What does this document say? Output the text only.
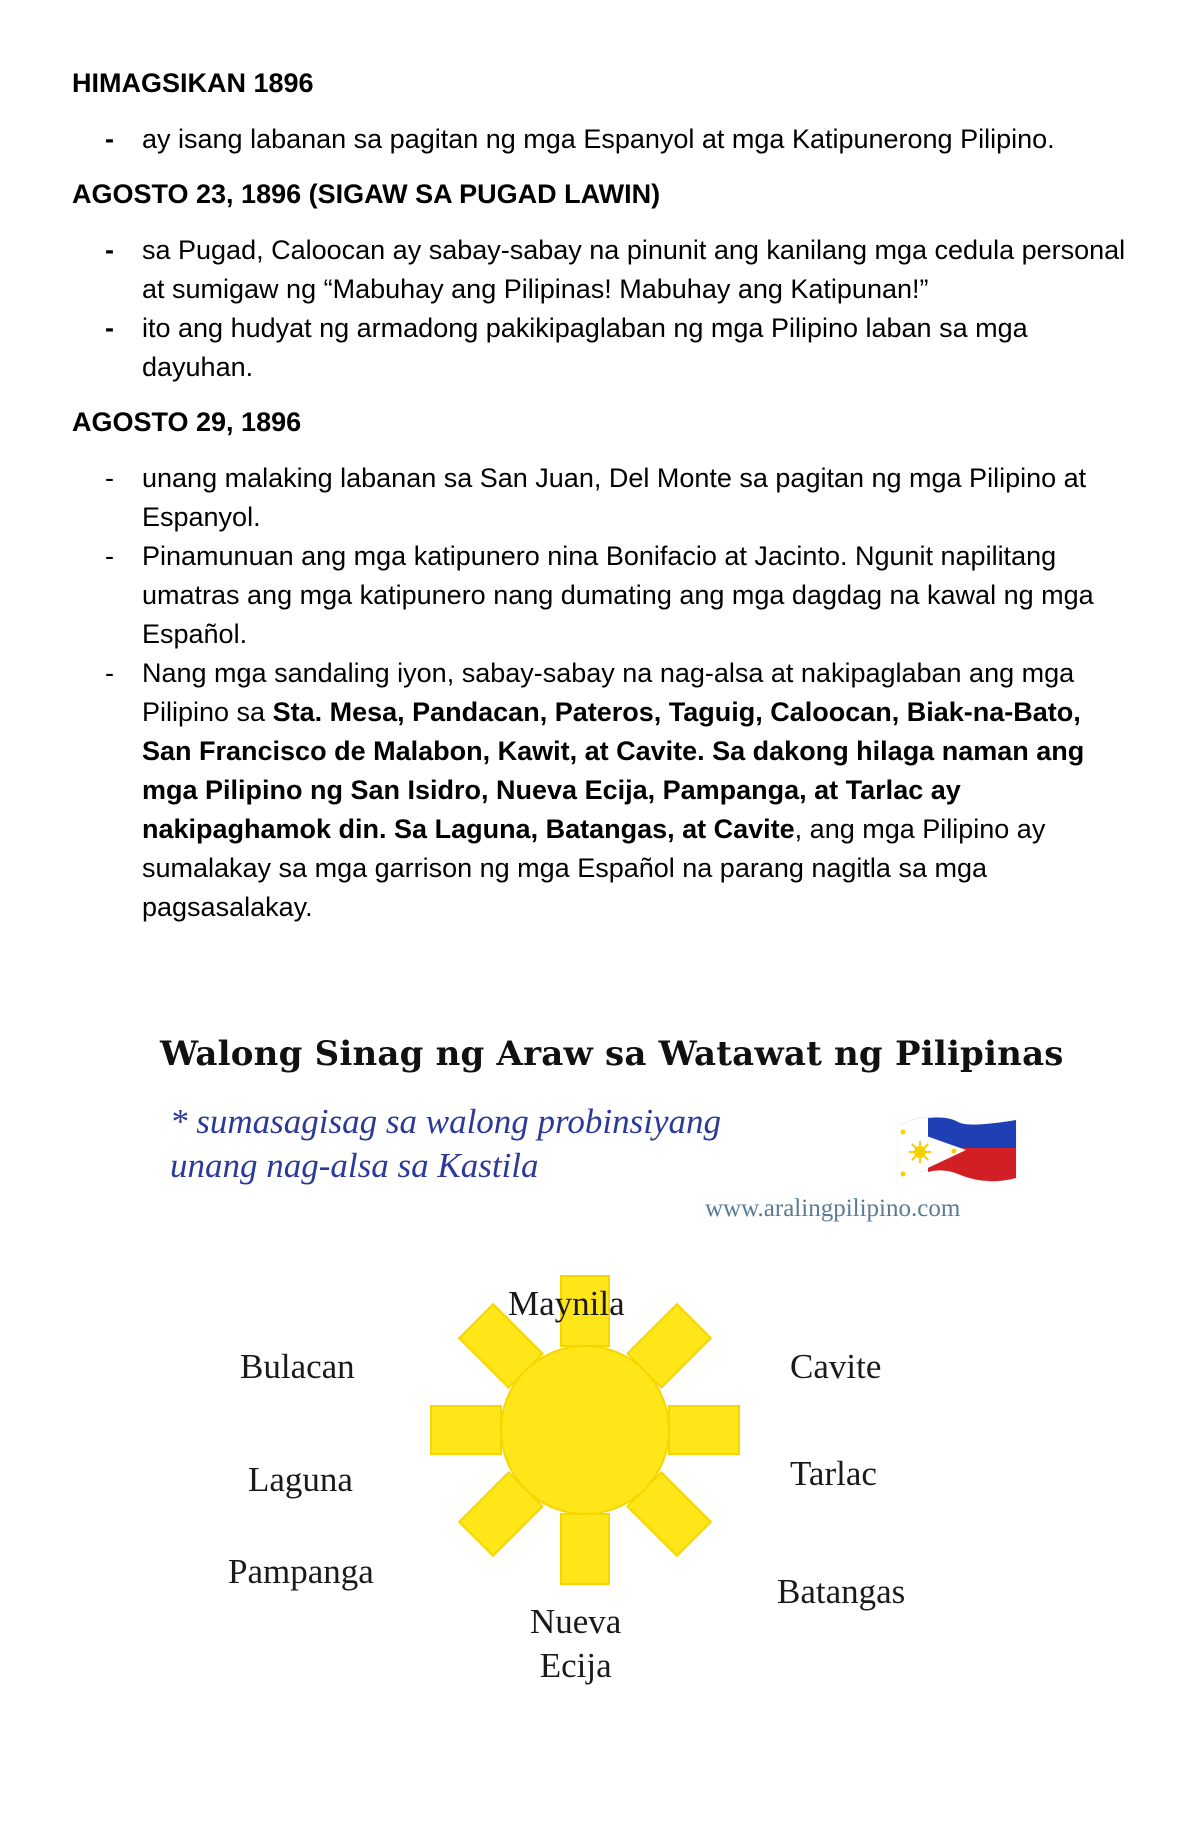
HIMAGSIKAN 1896
- ay isang labanan sa pagitan ng mga Espanyol at mga Katipunerong Pilipino.
AGOSTO 23, 1896 (SIGAW SA PUGAD LAWIN)
- sa Pugad, Caloocan ay sabay-sabay na pinunit ang kanilang mga cedula personal at sumigaw ng “Mabuhay ang Pilipinas! Mabuhay ang Katipunan!”
- ito ang hudyat ng armadong pakikipaglaban ng mga Pilipino laban sa mga dayuhan.
AGOSTO 29, 1896
- unang malaking labanan sa San Juan, Del Monte sa pagitan ng mga Pilipino at Espanyol.
- Pinamunuan ang mga katipunero nina Bonifacio at Jacinto. Ngunit napilitang umatras ang mga katipunero nang dumating ang mga dagdag na kawal ng mga Español.
- Nang mga sandaling iyon, sabay-sabay na nag-alsa at nakipaglaban ang mga Pilipino sa Sta. Mesa, Pandacan, Pateros, Taguig, Caloocan, Biak-na-Bato, San Francisco de Malabon, Kawit, at Cavite. Sa dakong hilaga naman ang mga Pilipino ng San Isidro, Nueva Ecija, Pampanga, at Tarlac ay nakipaghamok din. Sa Laguna, Batangas, at Cavite, ang mga Pilipino ay sumalakay sa mga garrison ng mga Español na parang nagitla sa mga pagsasalakay.
Walong Sinag ng Araw sa Watawat ng Pilipinas
* sumasagisag sa walong probinsiyang
unang nag-alsa sa Kastila
www.aralingpilipino.com
Maynila
Bulacan	Cavite
Laguna	Tarlac
Pampanga
Batangas
Nueva
Ecija
